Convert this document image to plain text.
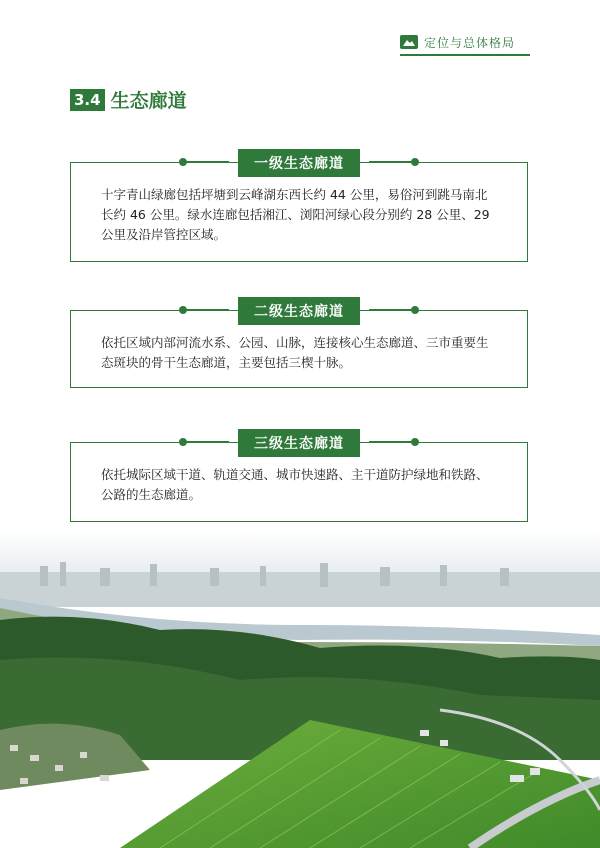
定位与总体格局
3.4 生态廊道
一级生态廊道
十字青山绿廊包括坪塘到云峰湖东西长约 44 公里，易俗河到跳马南北长约 46 公里。绿水连廊包括湘江、浏阳河绿心段分别约 28 公里、29 公里及沿岸管控区域。
二级生态廊道
依托区域内部河流水系、公园、山脉，连接核心生态廊道、三市重要生态斑块的骨干生态廊道，主要包括三楔十脉。
三级生态廊道
依托城际区域干道、轨道交通、城市快速路、主干道防护绿地和铁路、公路的生态廊道。
